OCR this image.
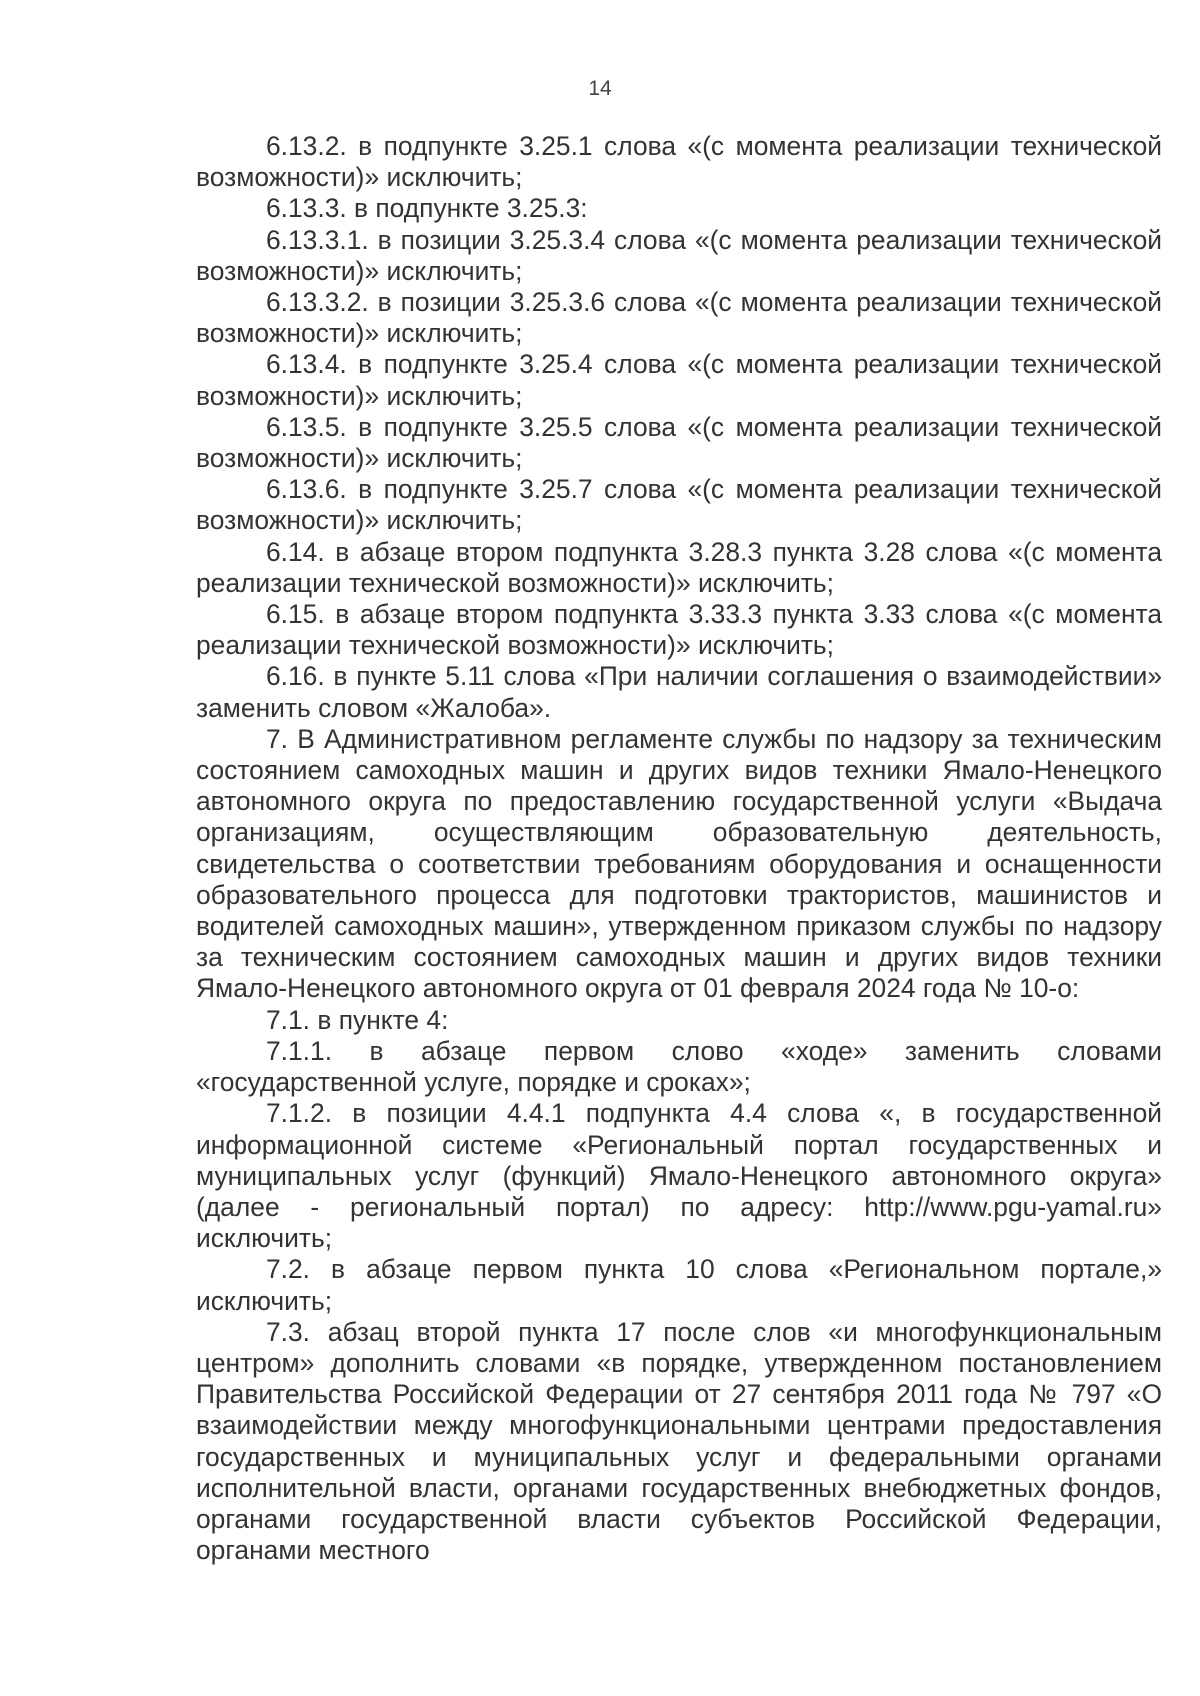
14

6.13.2. в подпункте 3.25.1 слова «(с момента реализации технической возможности)» исключить;

6.13.3. в подпункте 3.25.3:

6.13.3.1. в позиции 3.25.3.4 слова «(с момента реализации технической возможности)» исключить;

6.13.3.2. в позиции 3.25.3.6 слова «(с момента реализации технической возможности)» исключить;

6.13.4. в подпункте 3.25.4 слова «(с момента реализации технической возможности)» исключить;

6.13.5. в подпункте 3.25.5 слова «(с момента реализации технической возможности)» исключить;

6.13.6. в подпункте 3.25.7 слова «(с момента реализации технической возможности)» исключить;

6.14. в абзаце втором подпункта 3.28.3 пункта 3.28 слова «(с момента реализации технической возможности)» исключить;

6.15. в абзаце втором подпункта 3.33.3 пункта 3.33 слова «(с момента реализации технической возможности)» исключить;

6.16. в пункте 5.11 слова «При наличии соглашения о взаимодействии» заменить словом «Жалоба».

7. В Административном регламенте службы по надзору за техническим состоянием самоходных машин и других видов техники Ямало-Ненецкого автономного округа по предоставлению государственной услуги «Выдача организациям, осуществляющим образовательную деятельность, свидетельства о соответствии требованиям оборудования и оснащенности образовательного процесса для подготовки трактористов, машинистов и водителей самоходных машин», утвержденном приказом службы по надзору за техническим состоянием самоходных машин и других видов техники Ямало-Ненецкого автономного округа от 01 февраля 2024 года № 10-о:

7.1. в пункте 4:

7.1.1. в абзаце первом слово «ходе» заменить словами «государственной услуге, порядке и сроках»;

7.1.2. в позиции 4.4.1 подпункта 4.4 слова «, в государственной информационной системе «Региональный портал государственных и муниципальных услуг (функций) Ямало-Ненецкого автономного округа» (далее - региональный портал) по адресу: http://www.pgu-yamal.ru» исключить;

7.2. в абзаце первом пункта 10 слова «Региональном портале,» исключить;

7.3. абзац второй пункта 17 после слов «и многофункциональным центром» дополнить словами «в порядке, утвержденном постановлением Правительства Российской Федерации от 27 сентября 2011 года № 797 «О взаимодействии между многофункциональными центрами предоставления государственных и муниципальных услуг и федеральными органами исполнительной власти, органами государственных внебюджетных фондов, органами государственной власти субъектов Российской Федерации, органами местного
